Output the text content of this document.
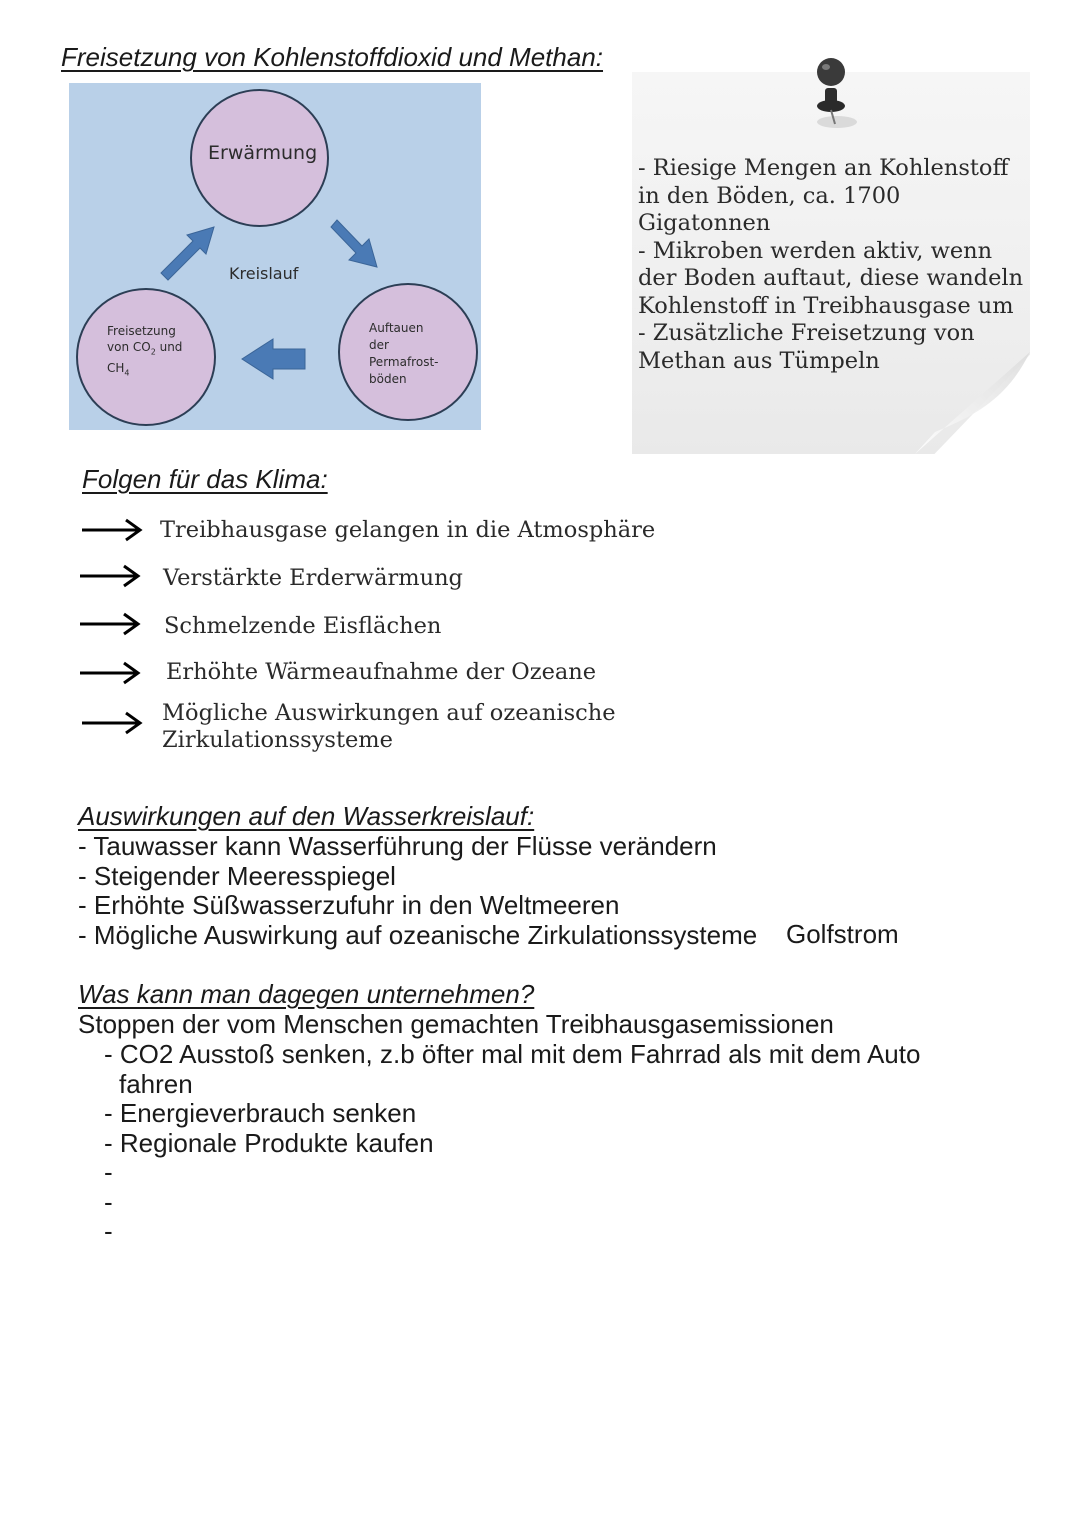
Freisetzung von Kohlenstoffdioxid und Methan:
Erwärmung
Freisetzung
von $CO_2$ und
$CH_4$
Auftauen
der
Permafrost-
böden
Kreislauf
- Riesige Mengen an Kohlenstoff
in den Böden, ca. 1700
Gigatonnen
- Mikroben werden aktiv, wenn
der Boden auftaut, diese wandeln
Kohlenstoff in Treibhausgase um
- Zusätzliche Freisetzung von
Methan aus Tümpeln
Folgen für das Klima:
Treibhausgase gelangen in die Atmosphäre
Verstärkte Erderwärmung
Schmelzende Eisflächen
Erhöhte Wärmeaufnahme der Ozeane
Mögliche Auswirkungen auf ozeanische
Zirkulationssysteme
Auswirkungen auf den Wasserkreislauf:
- Tauwasser kann Wasserführung der Flüsse verändern
- Steigender Meeresspiegel
- Erhöhte Süßwasserzufuhr in den Weltmeeren
- Mögliche Auswirkung auf ozeanische Zirkulationssysteme Golfstrom
Was kann man dagegen unternehmen?
Stoppen der vom Menschen gemachten Treibhausgasemissionen
- CO2 Ausstoß senken, z.b öfter mal mit dem Fahrrad als mit dem Auto
fahren
- Energieverbrauch senken
- Regionale Produkte kaufen
-
-
-
